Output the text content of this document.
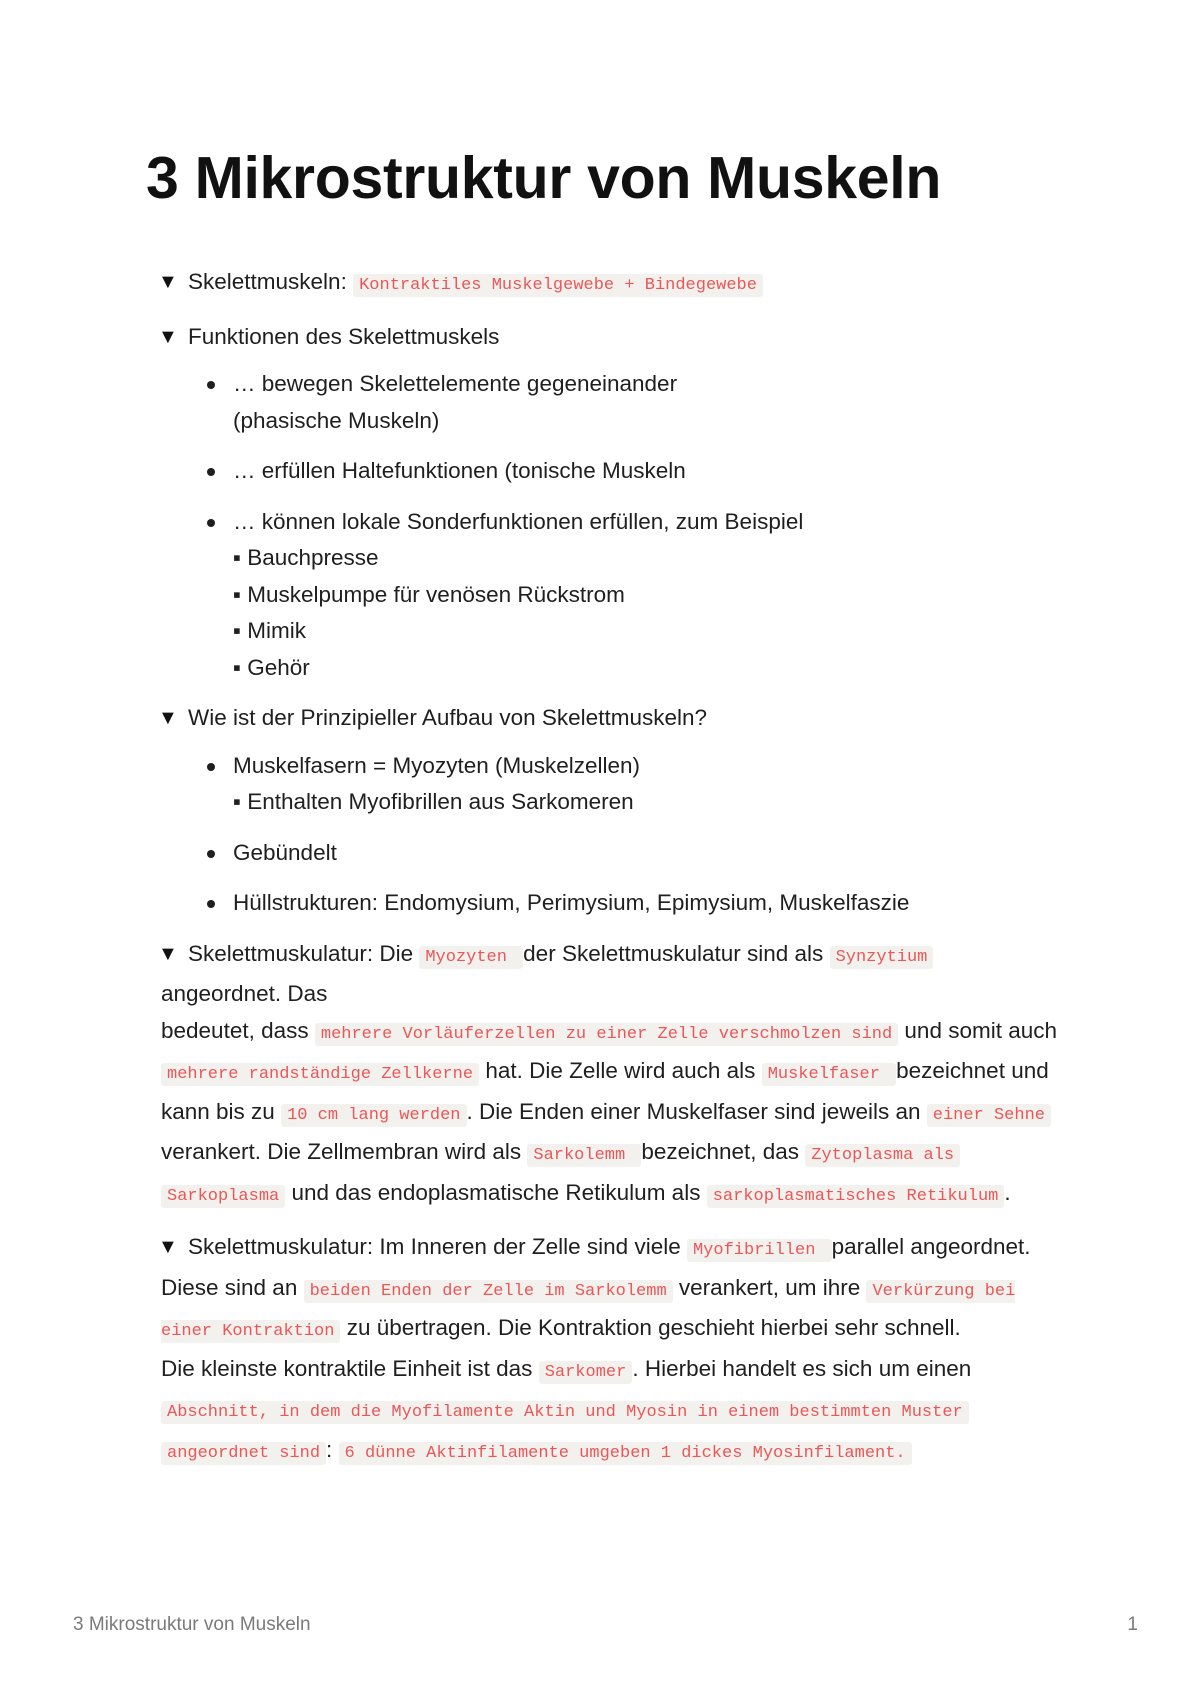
3 Mikrostruktur von Muskeln
▼ Skelettmuskeln: Kontraktiles Muskelgewebe + Bindegewebe
▼ Funktionen des Skelettmuskels
… bewegen Skelettelemente gegeneinander
(phasische Muskeln)
… erfüllen Haltefunktionen (tonische Muskeln
… können lokale Sonderfunktionen erfüllen, zum Beispiel
▪ Bauchpresse
▪ Muskelpumpe für venösen Rückstrom
▪ Mimik
▪ Gehör
▼ Wie ist der Prinzipieller Aufbau von Skelettmuskeln?
Muskelfasern = Myozyten (Muskelzellen)
▪ Enthalten Myofibrillen aus Sarkomeren
Gebündelt
Hüllstrukturen: Endomysium, Perimysium, Epimysium, Muskelfaszie
▼ Skelettmuskulatur: Die Myozyten der Skelettmuskulatur sind als Synzytium
angeordnet. Das
bedeutet, dass mehrere Vorläuferzellen zu einer Zelle verschmolzen sind und somit auch mehrere randständige Zellkerne hat. Die Zelle wird auch als Muskelfaser bezeichnet und kann bis zu 10 cm lang werden . Die Enden einer Muskelfaser sind jeweils an einer Sehne verankert. Die Zellmembran wird als Sarkolemm bezeichnet, das Zytoplasma als
Sarkoplasma und das endoplasmatische Retikulum als sarkoplasmatisches Retikulum .
▼ Skelettmuskulatur: Im Inneren der Zelle sind viele Myofibrillen parallel angeordnet. Diese sind an beiden Enden der Zelle im Sarkolemm verankert, um ihre Verkürzung bei einer Kontraktion zu übertragen. Die Kontraktion geschieht hierbei sehr schnell.
Die kleinste kontraktile Einheit ist das Sarkomer . Hierbei handelt es sich um einen Abschnitt, in dem die Myofilamente Aktin und Myosin in einem bestimmten Muster
angeordnet sind : 6 dünne Aktinfilamente umgeben 1 dickes Myosinfilament.
3 Mikrostruktur von Muskeln	1
